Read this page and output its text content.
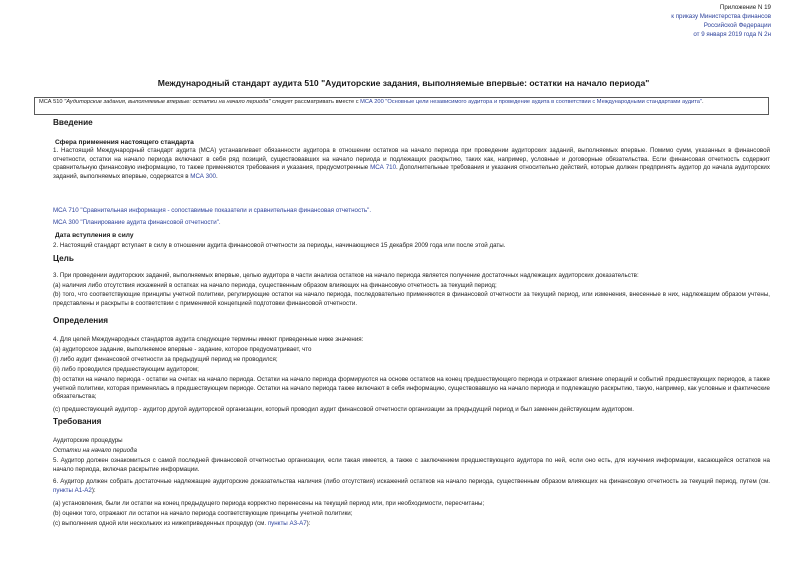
Приложение N 19
к приказу Министерства финансов
Российской Федерации
от 9 января 2019 года N 2н
Международный стандарт аудита 510 "Аудиторские задания, выполняемые впервые: остатки на начало периода"
МСА 510 "Аудиторские задания, выполняемые впервые: остатки на начало периода" следует рассматривать вместе с МСА 200 "Основные цели независимого аудитора и проведение аудита в соответствии с Международными стандартами аудита".
Введение
Сфера применения настоящего стандарта
1. Настоящий Международный стандарт аудита (МСА) устанавливает обязанности аудитора в отношении остатков на начало периода при проведении аудиторских заданий, выполняемых впервые. Помимо сумм, указанных в финансовой отчетности, остатки на начало периода включают в себя ряд позиций, существовавших на начало периода и подлежащих раскрытию, таких как, например, условные и договорные обязательства. Если финансовая отчетность содержит сравнительную финансовую информацию, то также применяются требования и указания, предусмотренные МСА 710. Дополнительные требования и указания относительно действий, которые должен предпринять аудитор до начала аудиторских заданий, выполняемых впервые, содержатся в МСА 300.
МСА 710 "Сравнительная информация - сопоставимые показатели и сравнительная финансовая отчетность".
МСА 300 "Планирование аудита финансовой отчетности".
Дата вступления в силу
2. Настоящий стандарт вступает в силу в отношении аудита финансовой отчетности за периоды, начинающиеся 15 декабря 2009 года или после этой даты.
Цель
3. При проведении аудиторских заданий, выполняемых впервые, целью аудитора в части анализа остатков на начало периода является получение достаточных надлежащих аудиторских доказательств:
(a) наличия либо отсутствия искажений в остатках на начало периода, существенным образом влияющих на финансовую отчетность за текущий период;
(b) того, что соответствующие принципы учетной политики, регулирующие остатки на начало периода, последовательно применяются в финансовой отчетности за текущий период, или изменения, внесенные в них, надлежащим образом учтены, представлены и раскрыты в соответствии с применимой концепцией подготовки финансовой отчетности.
Определения
4. Для целей Международных стандартов аудита следующие термины имеют приведенные ниже значения:
(a) аудиторское задание, выполняемое впервые - задание, которое предусматривает, что
(i) либо аудит финансовой отчетности за предыдущий период не проводился;
(ii) либо проводился предшествующим аудитором;
(b) остатки на начало периода - остатки на счетах на начало периода. Остатки на начало периода формируются на основе остатков на конец предшествующего периода и отражают влияние операций и событий предшествующих периодов, а также учетной политики, которая применялась в предшествующем периоде. Остатки на начало периода также включают в себя информацию, существовавшую на начало периода и подлежащую раскрытию, такую, например, как условные и фактические обязательства;
(c) предшествующий аудитор - аудитор другой аудиторской организации, который проводил аудит финансовой отчетности организации за предыдущий период и был заменен действующим аудитором.
Требования
Аудиторские процедуры
Остатки на начало периода
5. Аудитор должен ознакомиться с самой последней финансовой отчетностью организации, если такая имеется, а также с заключением предшествующего аудитора по ней, если оно есть, для изучения информации, касающейся остатков на начало периода, включая раскрытие информации.
6. Аудитор должен собрать достаточные надлежащие аудиторские доказательства наличия (либо отсутствия) искажений остатков на начало периода, существенным образом влияющих на финансовую отчетность за текущий период, путем (см. пункты A1-A2):
(a) установления, были ли остатки на конец предыдущего периода корректно перенесены на текущий период или, при необходимости, пересчитаны;
(b) оценки того, отражают ли остатки на начало периода соответствующие принципы учетной политики;
(c) выполнения одной или нескольких из нижеприведенных процедур (см. пункты A3-A7):
